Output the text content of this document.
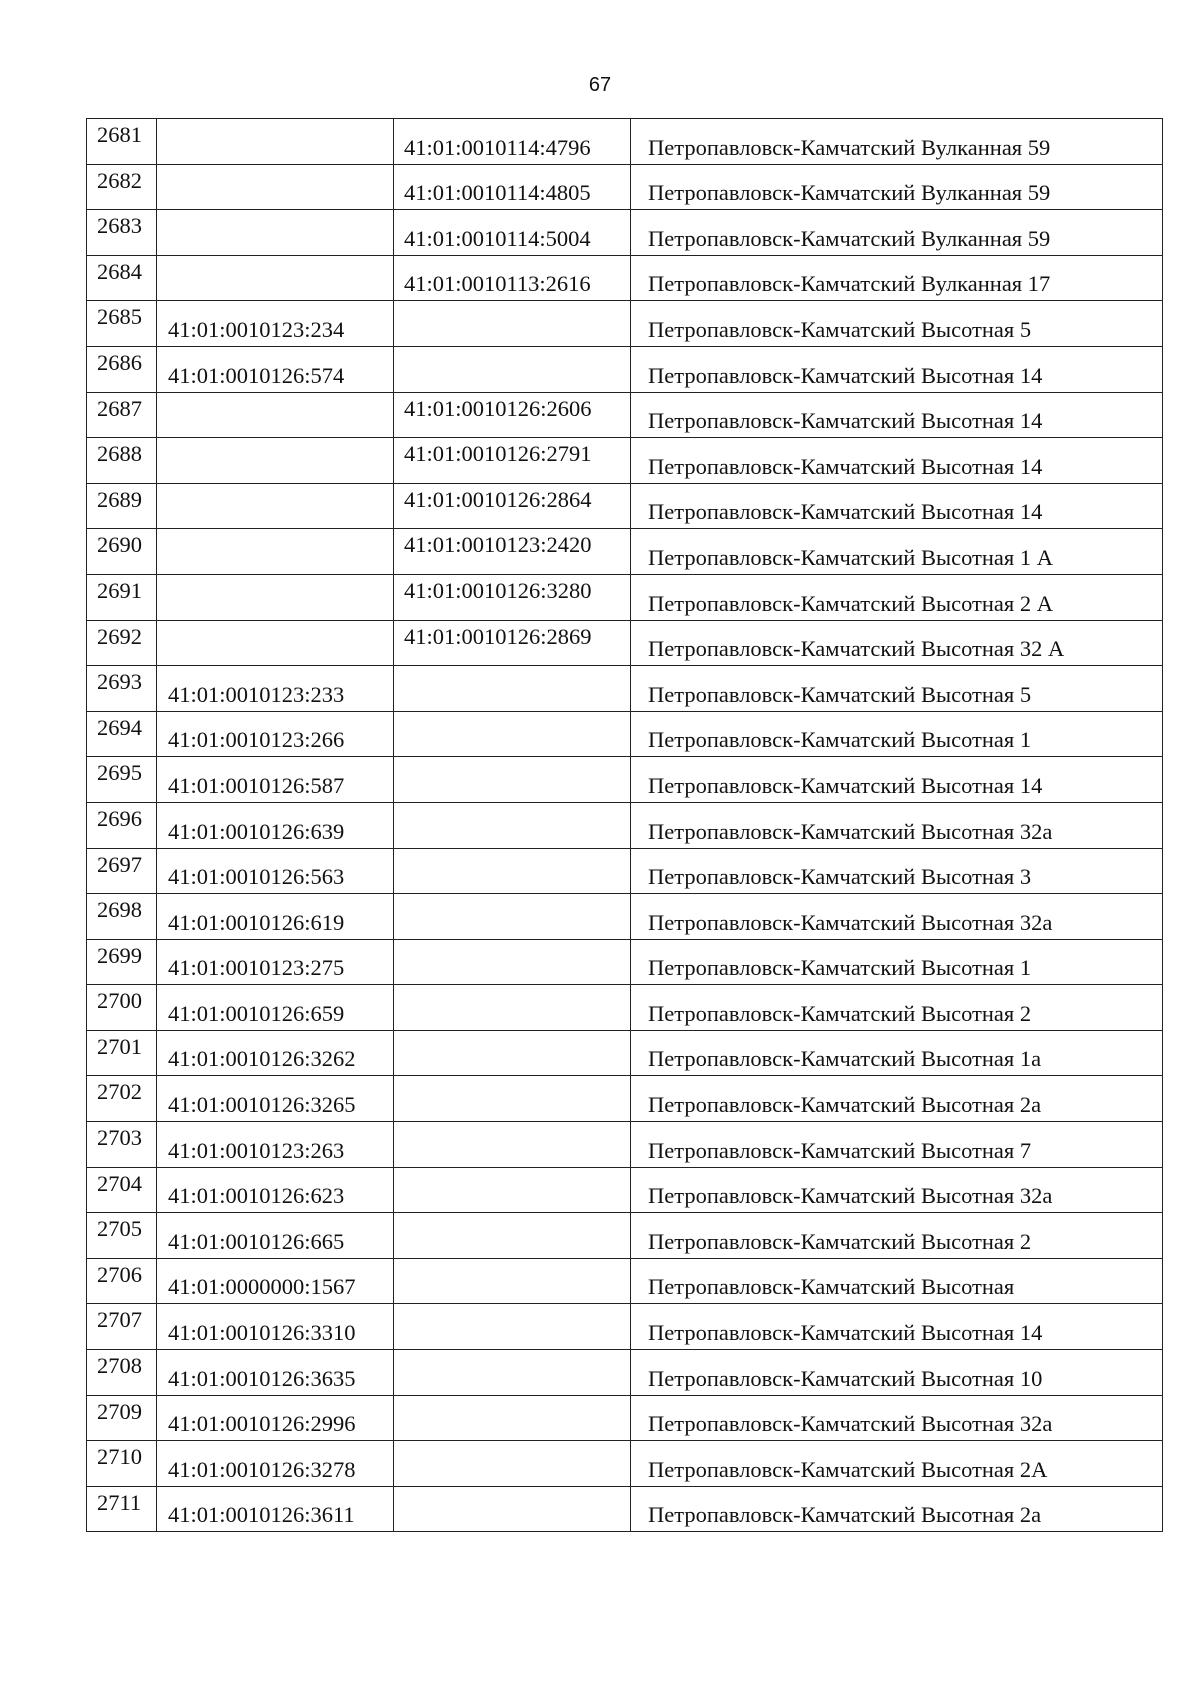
67
2681		41:01:0010114:4796	Петропавловск-Камчатский Вулканная 59

2682		41:01:0010114:4805	Петропавловск-Камчатский Вулканная 59

2683		41:01:0010114:5004	Петропавловск-Камчатский Вулканная 59

2684		41:01:0010113:2616	Петропавловск-Камчатский Вулканная 17

2685	41:01:0010123:234		Петропавловск-Камчатский Высотная 5

2686	41:01:0010126:574		Петропавловск-Камчатский Высотная 14

2687		41:01:0010126:2606	Петропавловск-Камчатский Высотная 14

2688		41:01:0010126:2791	Петропавловск-Камчатский Высотная 14

2689		41:01:0010126:2864	Петропавловск-Камчатский Высотная 14

2690		41:01:0010123:2420	Петропавловск-Камчатский Высотная 1 А

2691		41:01:0010126:3280	Петропавловск-Камчатский Высотная 2 А

2692		41:01:0010126:2869	Петропавловск-Камчатский Высотная 32 А

2693	41:01:0010123:233		Петропавловск-Камчатский Высотная 5

2694	41:01:0010123:266		Петропавловск-Камчатский Высотная 1

2695	41:01:0010126:587		Петропавловск-Камчатский Высотная 14

2696	41:01:0010126:639		Петропавловск-Камчатский Высотная 32а

2697	41:01:0010126:563		Петропавловск-Камчатский Высотная 3

2698	41:01:0010126:619		Петропавловск-Камчатский Высотная 32а

2699	41:01:0010123:275		Петропавловск-Камчатский Высотная 1

2700	41:01:0010126:659		Петропавловск-Камчатский Высотная 2

2701	41:01:0010126:3262		Петропавловск-Камчатский Высотная 1а

2702	41:01:0010126:3265		Петропавловск-Камчатский Высотная 2а

2703	41:01:0010123:263		Петропавловск-Камчатский Высотная 7

2704	41:01:0010126:623		Петропавловск-Камчатский Высотная 32а

2705	41:01:0010126:665		Петропавловск-Камчатский Высотная 2

2706	41:01:0000000:1567		Петропавловск-Камчатский Высотная

2707	41:01:0010126:3310		Петропавловск-Камчатский Высотная 14

2708	41:01:0010126:3635		Петропавловск-Камчатский Высотная 10

2709	41:01:0010126:2996		Петропавловск-Камчатский Высотная 32а

2710	41:01:0010126:3278		Петропавловск-Камчатский Высотная 2А

2711	41:01:0010126:3611		Петропавловск-Камчатский Высотная 2а
